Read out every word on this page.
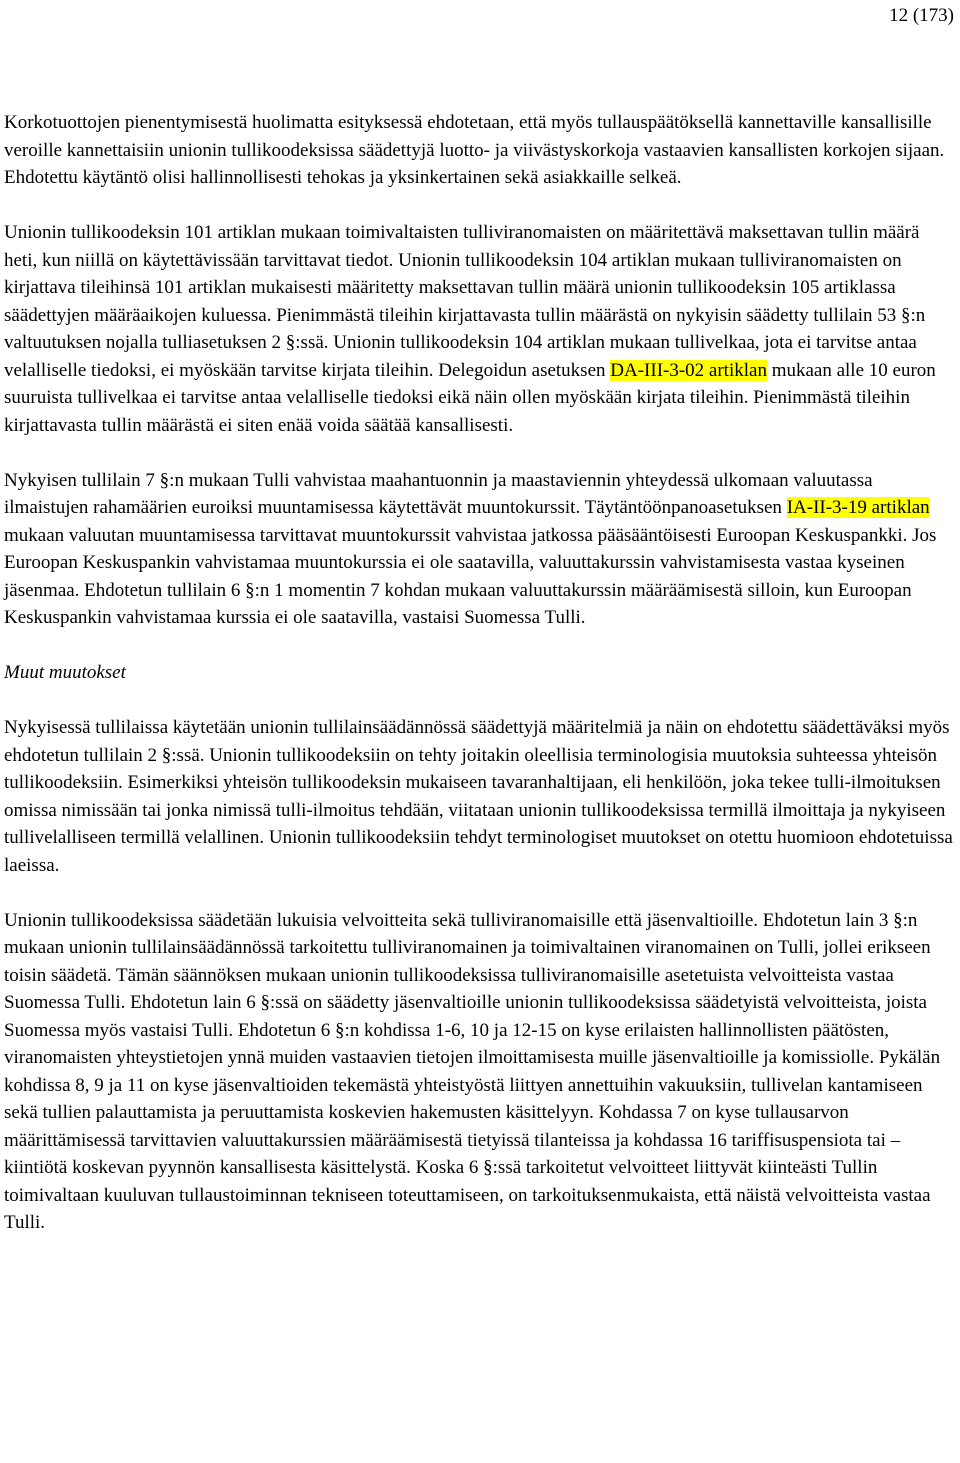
12 (173)

Korkotuottojen pienentymisestä huolimatta esityksessä ehdotetaan, että myös tullauspäätöksellä kannettaville kansallisille veroille kannettaisiin unionin tullikoodeksissa säädettyjä luotto- ja viivästyskorkoja vastaavien kansallisten korkojen sijaan. Ehdotettu käytäntö olisi hallinnollisesti tehokas ja yksinkertainen sekä asiakkaille selkeä.

Unionin tullikoodeksin 101 artiklan mukaan toimivaltaisten tulliviranomaisten on määritettävä maksettavan tullin määrä heti, kun niillä on käytettävissään tarvittavat tiedot. Unionin tullikoodeksin 104 artiklan mukaan tulliviranomaisten on kirjattava tileihinsä 101 artiklan mukaisesti määritetty maksettavan tullin määrä unionin tullikoodeksin 105 artiklassa säädettyjen määräaikojen kuluessa. Pienimmästä tileihin kirjattavasta tullin määrästä on nykyisin säädetty tullilain 53 §:n valtuutuksen nojalla tulliasetuksen 2 §:ssä. Unionin tullikoodeksin 104 artiklan mukaan tullivelkaa, jota ei tarvitse antaa velalliselle tiedoksi, ei myöskään tarvitse kirjata tileihin. Delegoidun asetuksen DA-III-3-02 artiklan mukaan alle 10 euron suuruista tullivelkaa ei tarvitse antaa velalliselle tiedoksi eikä näin ollen myöskään kirjata tileihin. Pienimmästä tileihin kirjattavasta tullin määrästä ei siten enää voida säätää kansallisesti.

Nykyisen tullilain 7 §:n mukaan Tulli vahvistaa maahantuonnin ja maastaviennin yhteydessä ulkomaan valuutassa ilmaistujen rahamäärien euroiksi muuntamisessa käytettävät muuntokurssit. Täytäntöönpanoasetuksen IA-II-3-19 artiklan mukaan valuutan muuntamisessa tarvittavat muuntokurssit vahvistaa jatkossa pääsääntöisesti Euroopan Keskuspankki. Jos Euroopan Keskuspankin vahvistamaa muuntokurssia ei ole saatavilla, valuuttakurssin vahvistamisesta vastaa kyseinen jäsenmaa. Ehdotetun tullilain 6 §:n 1 momentin 7 kohdan mukaan valuuttakurssin määräämisestä silloin, kun Euroopan Keskuspankin vahvistamaa kurssia ei ole saatavilla, vastaisi Suomessa Tulli.

Muut muutokset

Nykyisessä tullilaissa käytetään unionin tullilainsäädännössä säädettyjä määritelmiä ja näin on ehdotettu säädettäväksi myös ehdotetun tullilain 2 §:ssä. Unionin tullikoodeksiin on tehty joitakin oleellisia terminologisia muutoksia suhteessa yhteisön tullikoodeksiin. Esimerkiksi yhteisön tullikoodeksin mukaiseen tavaranhaltijaan, eli henkilöön, joka tekee tulli-ilmoituksen omissa nimissään tai jonka nimissä tulli-ilmoitus tehdään, viitataan unionin tullikoodeksissa termillä ilmoittaja ja nykyiseen tullivelalliseen termillä velallinen. Unionin tullikoodeksiin tehdyt terminologiset muutokset on otettu huomioon ehdotetuissa laeissa.

Unionin tullikoodeksissa säädetään lukuisia velvoitteita sekä tulliviranomaisille että jäsenvaltioille. Ehdotetun lain 3 §:n mukaan unionin tullilainsäädännössä tarkoitettu tulliviranomainen ja toimivaltainen viranomainen on Tulli, jollei erikseen toisin säädetä. Tämän säännöksen mukaan unionin tullikoodeksissa tulliviranomaisille asetetuista velvoitteista vastaa Suomessa Tulli. Ehdotetun lain 6 §:ssä on säädetty jäsenvaltioille unionin tullikoodeksissa säädetyistä velvoitteista, joista Suomessa myös vastaisi Tulli. Ehdotetun 6 §:n kohdissa 1-6, 10 ja 12-15 on kyse erilaisten hallinnollisten päätösten, viranomaisten yhteystietojen ynnä muiden vastaavien tietojen ilmoittamisesta muille jäsenvaltioille ja komissiolle. Pykälän kohdissa 8, 9 ja 11 on kyse jäsenvaltioiden tekemästä yhteistyöstä liittyen annettuihin vakuuksiin, tullivelan kantamiseen sekä tullien palauttamista ja peruuttamista koskevien hakemusten käsittelyyn. Kohdassa 7 on kyse tullausarvon määrittämisessä tarvittavien valuuttakurssien määräämisestä tietyissä tilanteissa ja kohdassa 16 tariffisuspensiota tai –kiintiötä koskevan pyynnön kansallisesta käsittelystä. Koska 6 §:ssä tarkoitetut velvoitteet liittyvät kiinteästi Tullin toimivaltaan kuuluvan tullaustoiminnan tekniseen toteuttamiseen, on tarkoituksenmukaista, että näistä velvoitteista vastaa Tulli.
